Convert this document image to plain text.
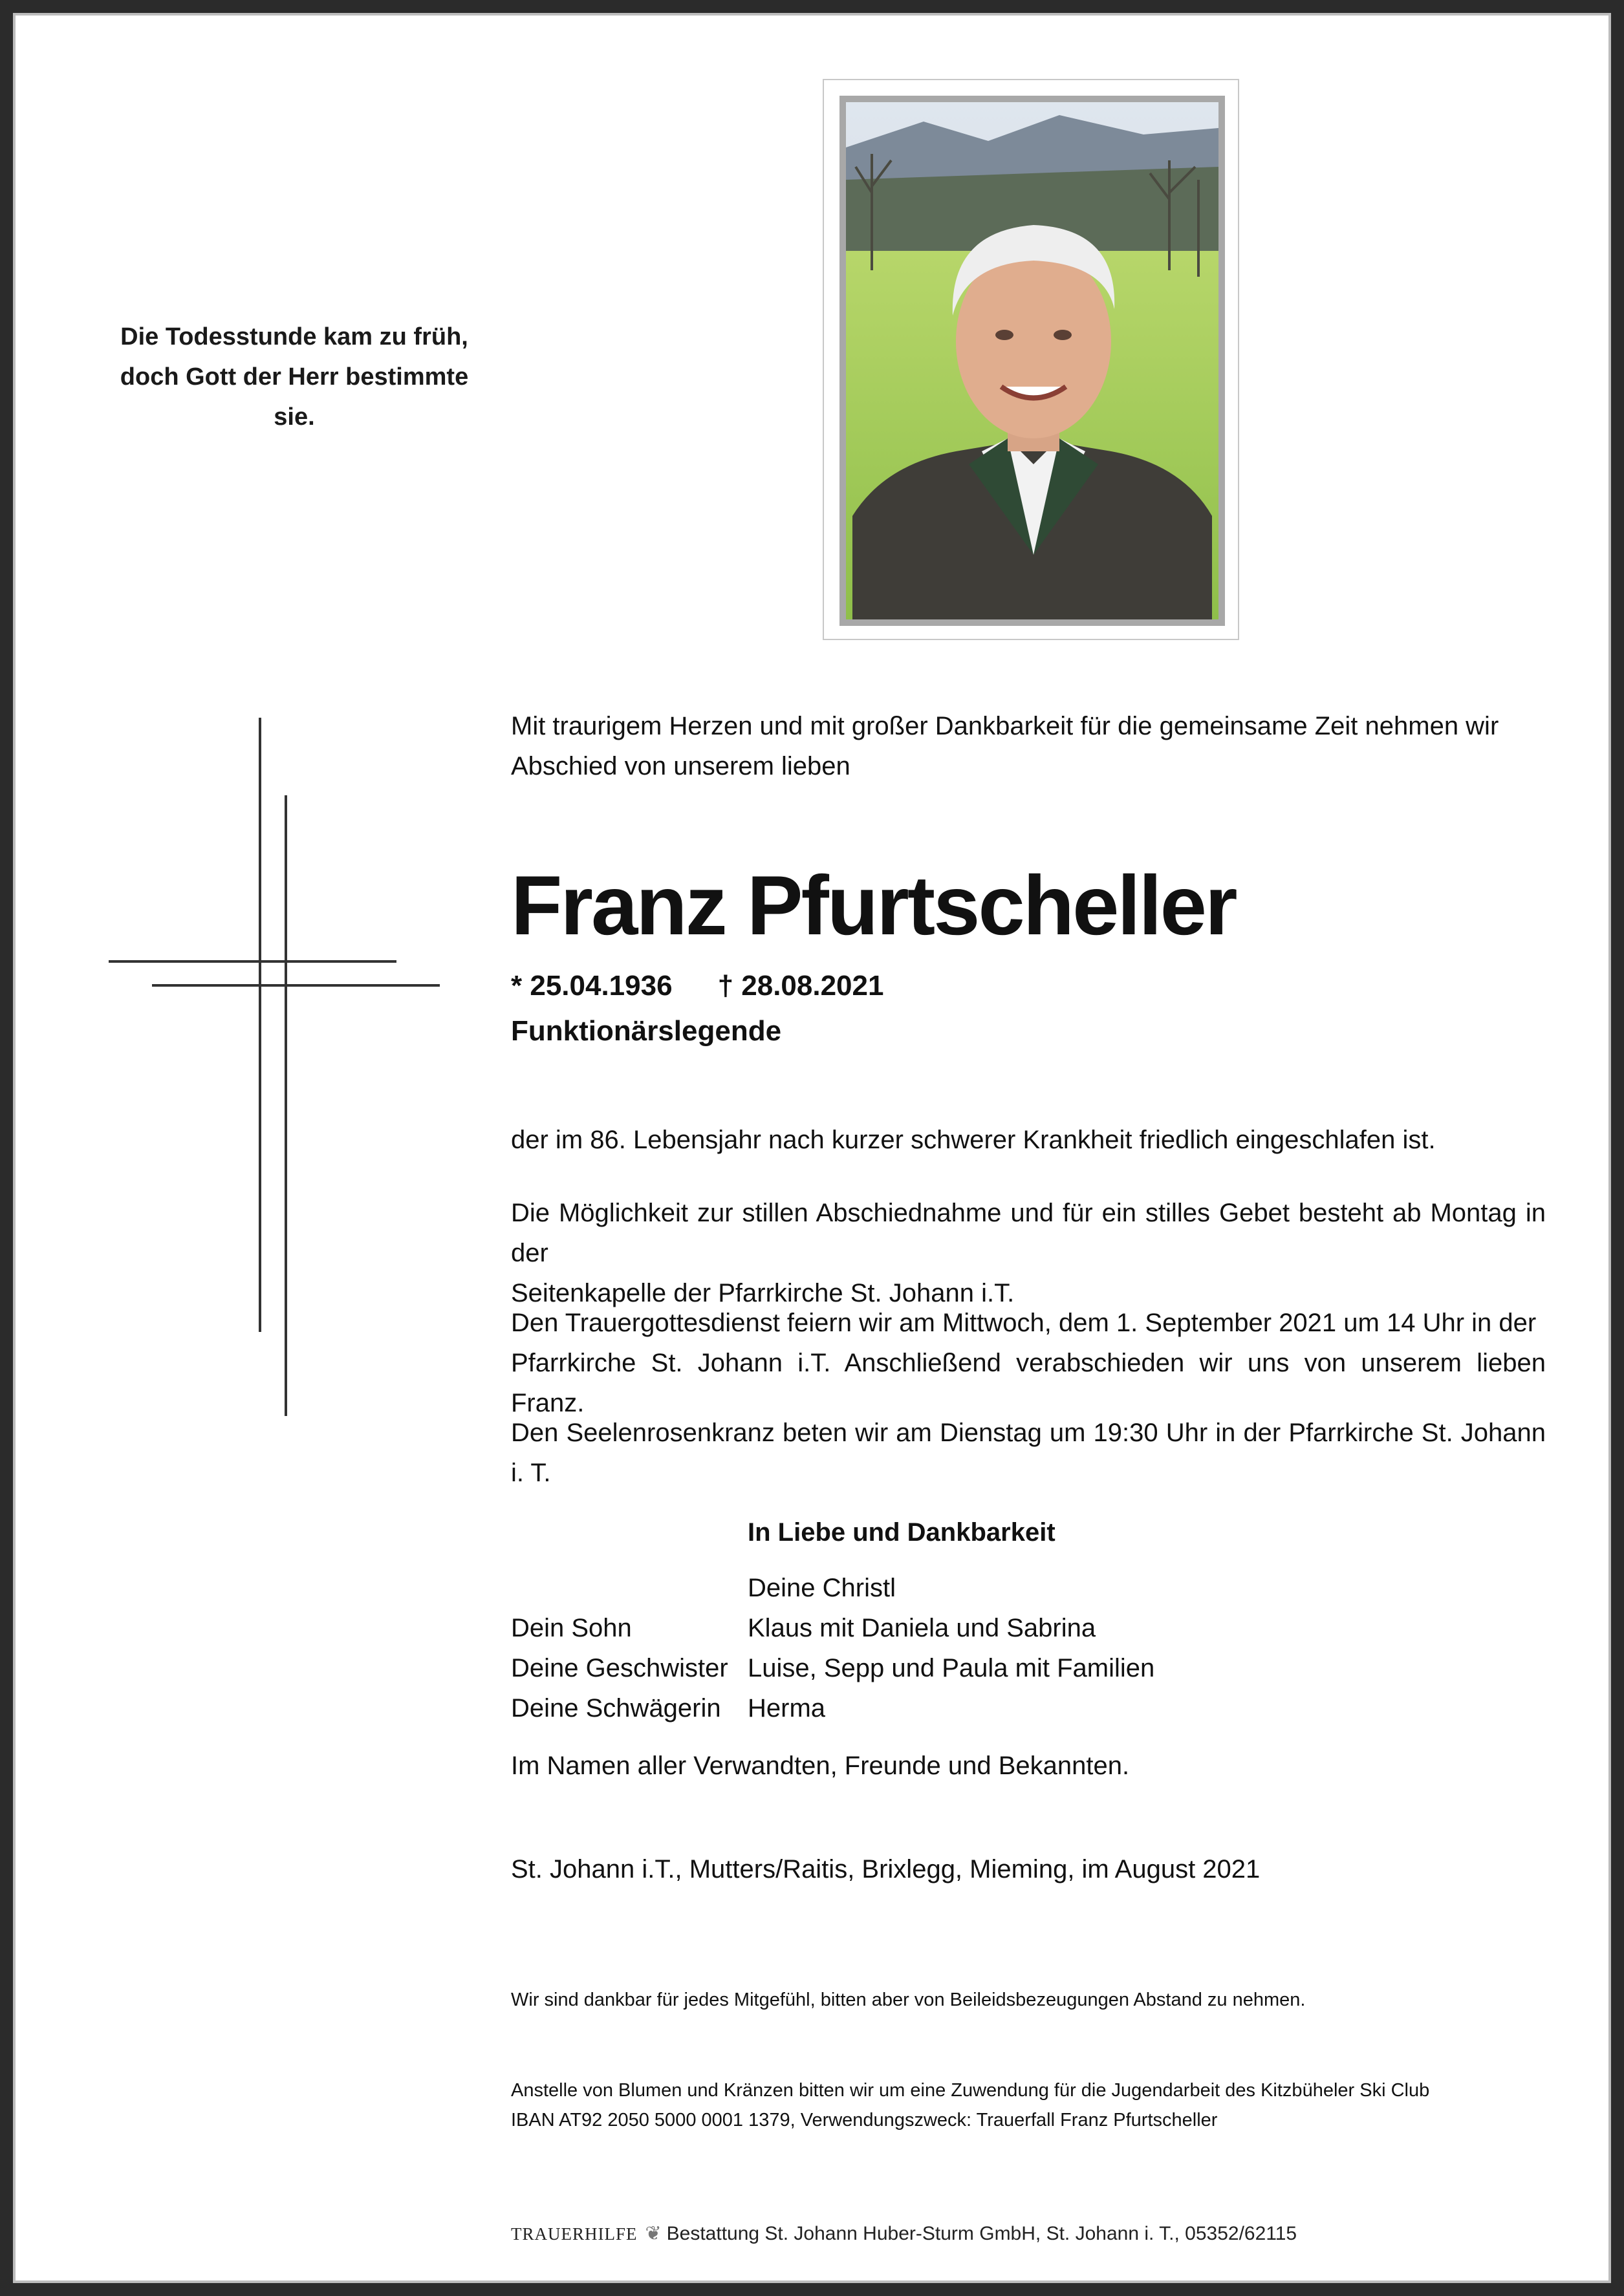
Die Todesstunde kam zu früh,
doch Gott der Herr bestimmte sie.
Mit traurigem Herzen und mit großer Dankbarkeit für die gemeinsame Zeit nehmen wir
Abschied von unserem lieben
Franz Pfurtscheller
* 25.04.1936 † 28.08.2021
Funktionärslegende
der im 86. Lebensjahr nach kurzer schwerer Krankheit friedlich eingeschlafen ist.
Die Möglichkeit zur stillen Abschiednahme und für ein stilles Gebet besteht ab Montag in der
Seitenkapelle der Pfarrkirche St. Johann i.T.
Den Trauergottesdienst feiern wir am Mittwoch, dem 1. September 2021 um 14 Uhr in der
Pfarrkirche St. Johann i.T. Anschließend verabschieden wir uns von unserem lieben Franz.
Den Seelenrosenkranz beten wir am Dienstag um 19:30 Uhr in der Pfarrkirche St. Johann i. T.
In Liebe und Dankbarkeit
Deine Christl
Dein Sohn	Klaus mit Daniela und Sabrina
Deine Geschwister Luise, Sepp und Paula mit Familien
Deine Schwägerin Herma
Im Namen aller Verwandten, Freunde und Bekannten.
St. Johann i.T., Mutters/Raitis, Brixlegg, Mieming, im August 2021
Wir sind dankbar für jedes Mitgefühl, bitten aber von Beileidsbezeugungen Abstand zu nehmen.
Anstelle von Blumen und Kränzen bitten wir um eine Zuwendung für die Jugendarbeit des Kitzbüheler Ski Club
IBAN AT92 2050 5000 0001 1379, Verwendungszweck: Trauerfall Franz Pfurtscheller
TRAUERHILFE ❦ Bestattung St. Johann Huber-Sturm GmbH, St. Johann i. T., 05352/62115
